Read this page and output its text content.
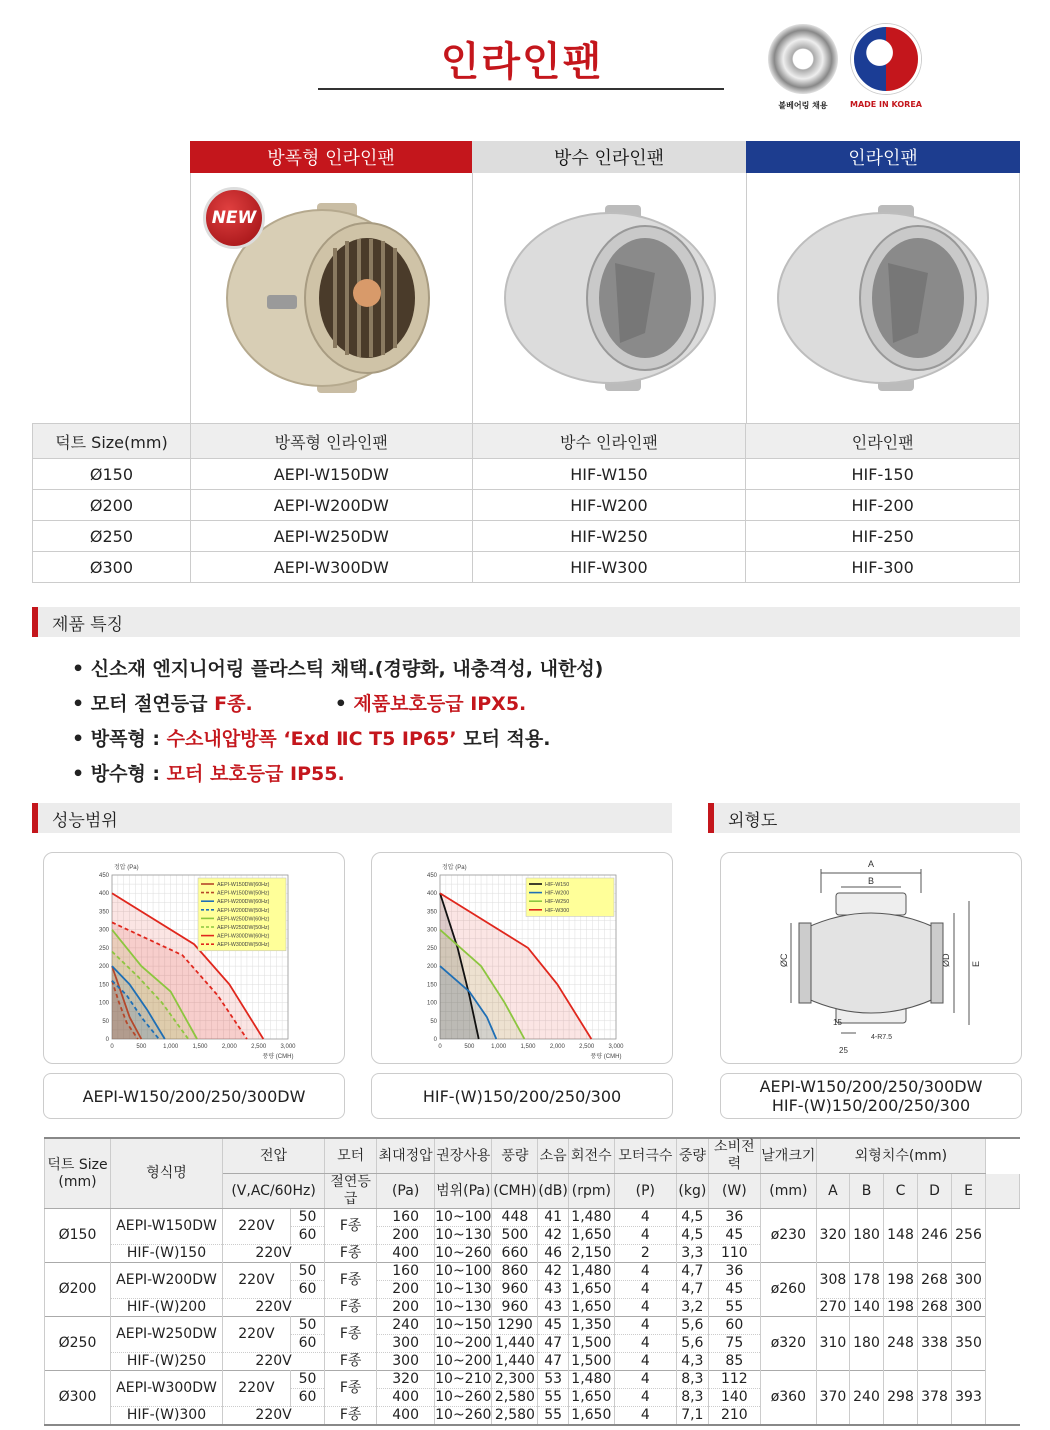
인라인팬
볼베어링 채용	MADE IN KOREA
방폭형 인라인팬	방수 인라인팬	인라인팬
NEW
덕트 Size(mm)	방폭형 인라인팬	방수 인라인팬	인라인팬
Ø150	AEPI-W150DW	HIF-W150	HIF-150
Ø200	AEPI-W200DW	HIF-W200	HIF-200
Ø250	AEPI-W250DW	HIF-W250	HIF-250
Ø300	AEPI-W300DW	HIF-W300	HIF-300
제품 특징
• 신소재 엔지니어링 플라스틱 채택.(경량화, 내충격성, 내한성)
• 모터 절연등급 F종.	• 제품보호등급 IPX5.
• 방폭형 : 수소내압방폭 ‘Exd ⅡC T5 IP65’ 모터 적용.
• 방수형 : 모터 보호등급 IP55.
성능범위	외형도
0	500	1,000 1,500 2,000 2,500 3,000
0
50
100
150
200
250
300
350
400
450
정압 (Pa)
풍량 (CMH)
AEPI-W150DW(60Hz)
AEPI-W150DW(50Hz)
AEPI-W200DW(60Hz)
AEPI-W200DW(50Hz)
AEPI-W250DW(60Hz)
AEPI-W250DW(50Hz)
AEPI-W300DW(60Hz)
AEPI-W300DW(50Hz)
AEPI-W150/200/250/300DW
0	500	1,000 1,500 2,000 2,500 3,000
0
50
100
150
200
250
300
350
400
450
정압 (Pa)
풍량 (CMH)
HIF-W150
HIF-W200
HIF-W250
HIF-W300
HIF-(W)150/200/250/300
A
B
ØC	ØD E
15
25
4-R7.5
AEPI-W150/200/250/300DW
HIF-(W)150/200/250/300
덕트 Size
(mm)	형식명	전압		모터	최대정압	권장사용	풍량	소음	회전수	모터극수	중량	소비전력	날개크기	외형치수(mm)					
		(V,AC/60Hz)		절연등급	(Pa)	범위(Pa)	(CMH)	(dB)	(rpm)	(P)	(kg)	(W)	(mm)	A	B	C	D	E	
Ø150	AEPI-W150DW	220V	50	F종	160	10~100	448	41	1,480	4	4,5	36	ø230	320	180	148	246	256	
			60		200	10~130	500	42	1,650	4	4,5	45							
	HIF-(W)150	220V		F종	400	10~260	660	46	2,150	2	3,3	110							
Ø200	AEPI-W200DW	220V	50	F종	160	10~100	860	42	1,480	4	4,7	36	ø260	308	178	198	268	300	
			60		200	10~130	960	43	1,650	4	4,7	45							
	HIF-(W)200	220V		F종	200	10~130	960	43	1,650	4	3,2	55		270	140	198	268	300	
Ø250	AEPI-W250DW	220V	50	F종	240	10~150	1290	45	1,350	4	5,6	60	ø320	310	180	248	338	350	
			60		300	10~200	1,440	47	1,500	4	5,6	75							
	HIF-(W)250	220V		F종	300	10~200	1,440	47	1,500	4	4,3	85							
Ø300	AEPI-W300DW	220V	50	F종	320	10~210	2,300	53	1,480	4	8,3	112	ø360	370	240	298	378	393	
			60		400	10~260	2,580	55	1,650	4	8,3	140							
	HIF-(W)300	220V		F종	400	10~260	2,580	55	1,650	4	7,1	210							
